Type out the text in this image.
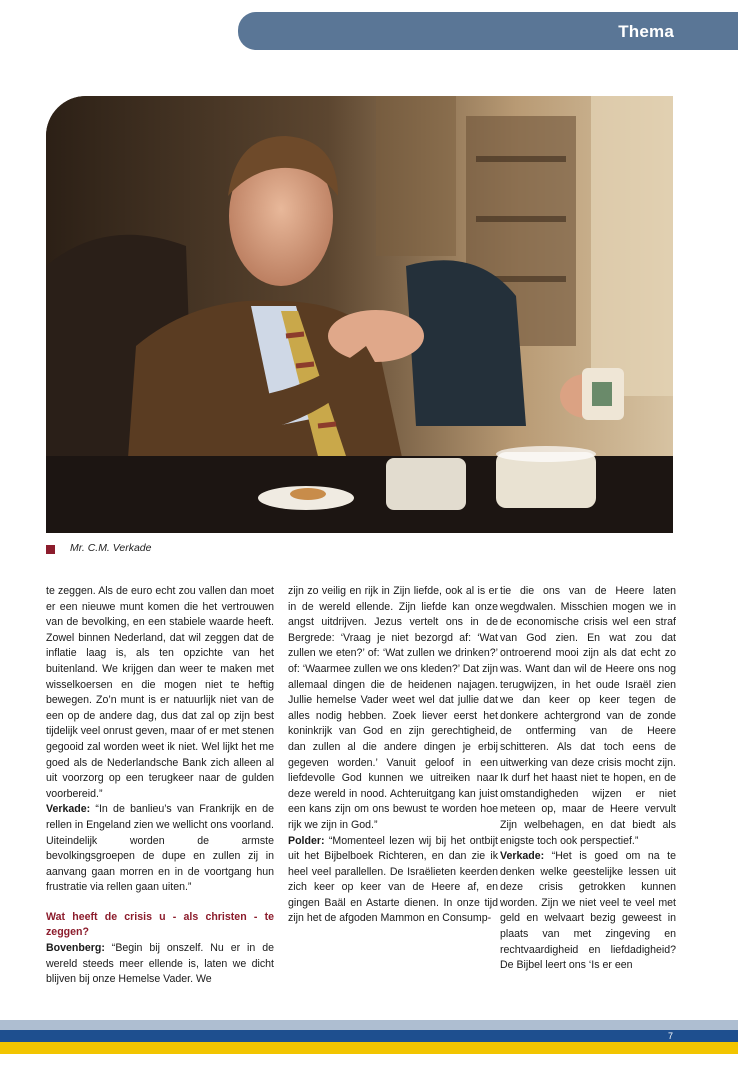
Thema
Mr. C.M. Verkade

te zeggen. Als de euro echt zou vallen dan moet er een nieuwe munt komen die het vertrouwen van de bevolking, en een stabiele waarde heeft. Zowel binnen Nederland, dat wil zeggen dat de inflatie laag is, als ten opzichte van het buitenland. We krijgen dan weer te maken met wisselkoersen en die mogen niet te heftig bewegen. Zo’n munt is er natuurlijk niet van de een op de andere dag, dus dat zal op zijn best tijdelijk veel onrust geven, maar of er met stenen gegooid zal worden weet ik niet. Wel lijkt het me goed als de Nederlandsche Bank zich alleen al uit voorzorg op een terugkeer naar de gulden voorbereid.”

Verkade: “In de banlieu’s van Frankrijk en de rellen in Engeland zien we wellicht ons voorland. Uiteindelijk worden de armste bevolkingsgroepen de dupe en zullen zij in aanvang gaan morren en in de voortgang hun frustratie via rellen gaan uiten.”

Wat heeft de crisis u - als christen - te zeggen?

Bovenberg: “Begin bij onszelf. Nu er in de wereld steeds meer ellende is, laten we dicht blijven bij onze Hemelse Vader. We

zijn zo veilig en rijk in Zijn liefde, ook al is er in de wereld ellende. Zijn liefde kan onze angst uitdrijven. Jezus vertelt ons in de Bergrede: ‘Vraag je niet bezorgd af: ‘Wat zullen we eten?’ of: ‘Wat zullen we drinken?’ of: ‘Waarmee zullen we ons kleden?’ Dat zijn allemaal dingen die de heidenen najagen. Jullie hemelse Vader weet wel dat jullie dat alles nodig hebben. Zoek liever eerst het koninkrijk van God en zijn gerechtigheid, dan zullen al die andere dingen je erbij gegeven worden.’ Vanuit geloof in een liefdevolle God kunnen we uitreiken naar deze wereld in nood. Achteruitgang kan juist een kans zijn om ons bewust te worden hoe rijk we zijn in God.”

Polder: “Momenteel lezen wij bij het ontbijt uit het Bijbelboek Richteren, en dan zie ik heel veel parallellen. De Israëlieten keerden zich keer op keer van de Heere af, en gingen Baäl en Astarte dienen. In onze tijd zijn het de afgoden Mammon en Consump-

tie die ons van de Heere laten wegdwalen. Misschien mogen we in de economische crisis wel een straf van God zien. En wat zou dat ontroerend mooi zijn als dat echt zo was. Want dan wil de Heere ons nog terugwijzen, in het oude Israël zien we dan keer op keer tegen de donkere achtergrond van de zonde de ontferming van de Heere schitteren. Als dat toch eens de uitwerking van deze crisis mocht zijn. Ik durf het haast niet te hopen, en de omstandigheden wijzen er niet meteen op, maar de Heere vervult Zijn welbehagen, en dat biedt als enigste toch ook perspectief.”

Verkade: “Het is goed om na te denken welke geestelijke lessen uit deze crisis getrokken kunnen worden. Zijn we niet veel te veel met geld en welvaart bezig geweest in plaats van met zingeving en rechtvaardigheid en liefdadigheid? De Bijbel leert ons ‘Is er een

7
